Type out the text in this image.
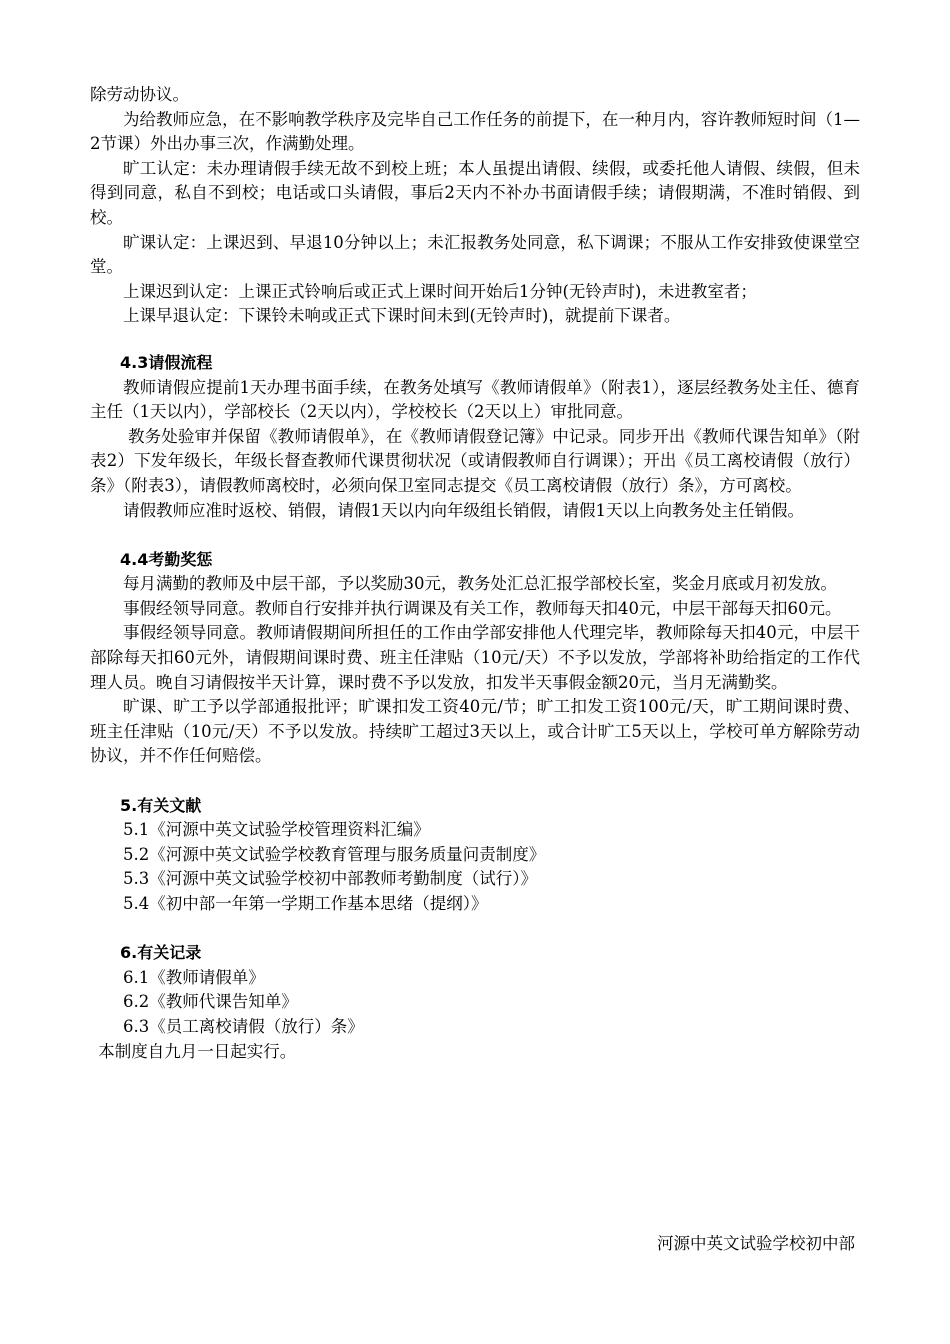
除劳动协议。

为给教师应急，在不影响教学秩序及完毕自己工作任务的前提下，在一种月内，容许教师短时间（1—2节课）外出办事三次，作满勤处理。

旷工认定：未办理请假手续无故不到校上班；本人虽提出请假、续假，或委托他人请假、续假，但未得到同意，私自不到校；电话或口头请假，事后2天内不补办书面请假手续；请假期满，不准时销假、到校。

旷课认定：上课迟到、早退10分钟以上；未汇报教务处同意，私下调课；不服从工作安排致使课堂空堂。

上课迟到认定：上课正式铃响后或正式上课时间开始后1分钟(无铃声时)，未进教室者；

上课早退认定：下课铃未响或正式下课时间未到(无铃声时)，就提前下课者。

4.3请假流程

教师请假应提前1天办理书面手续，在教务处填写《教师请假单》（附表1），逐层经教务处主任、德育主任（1天以内），学部校长（2天以内），学校校长（2天以上）审批同意。

教务处验审并保留《教师请假单》，在《教师请假登记簿》中记录。同步开出《教师代课告知单》（附表2）下发年级长，年级长督查教师代课贯彻状况（或请假教师自行调课）；开出《员工离校请假（放行）条》（附表3），请假教师离校时，必须向保卫室同志提交《员工离校请假（放行）条》，方可离校。

请假教师应准时返校、销假，请假1天以内向年级组长销假，请假1天以上向教务处主任销假。

4.4考勤奖惩

每月满勤的教师及中层干部，予以奖励30元，教务处汇总汇报学部校长室，奖金月底或月初发放。

事假经领导同意。教师自行安排并执行调课及有关工作，教师每天扣40元，中层干部每天扣60元。

事假经领导同意。教师请假期间所担任的工作由学部安排他人代理完毕，教师除每天扣40元，中层干部除每天扣60元外，请假期间课时费、班主任津贴（10元/天）不予以发放，学部将补助给指定的工作代理人员。晚自习请假按半天计算，课时费不予以发放，扣发半天事假金额20元，当月无满勤奖。

旷课、旷工予以学部通报批评；旷课扣发工资40元/节；旷工扣发工资100元/天，旷工期间课时费、班主任津贴（10元/天）不予以发放。持续旷工超过3天以上，或合计旷工5天以上，学校可单方解除劳动协议，并不作任何赔偿。

5.有关文献

5.1《河源中英文试验学校管理资料汇编》

5.2《河源中英文试验学校教育管理与服务质量问责制度》

5.3《河源中英文试验学校初中部教师考勤制度（试行）》

5.4《初中部一年第一学期工作基本思绪（提纲）》

6.有关记录

6.1《教师请假单》

6.2《教师代课告知单》

6.3《员工离校请假（放行）条》

本制度自九月一日起实行。

河源中英文试验学校初中部
